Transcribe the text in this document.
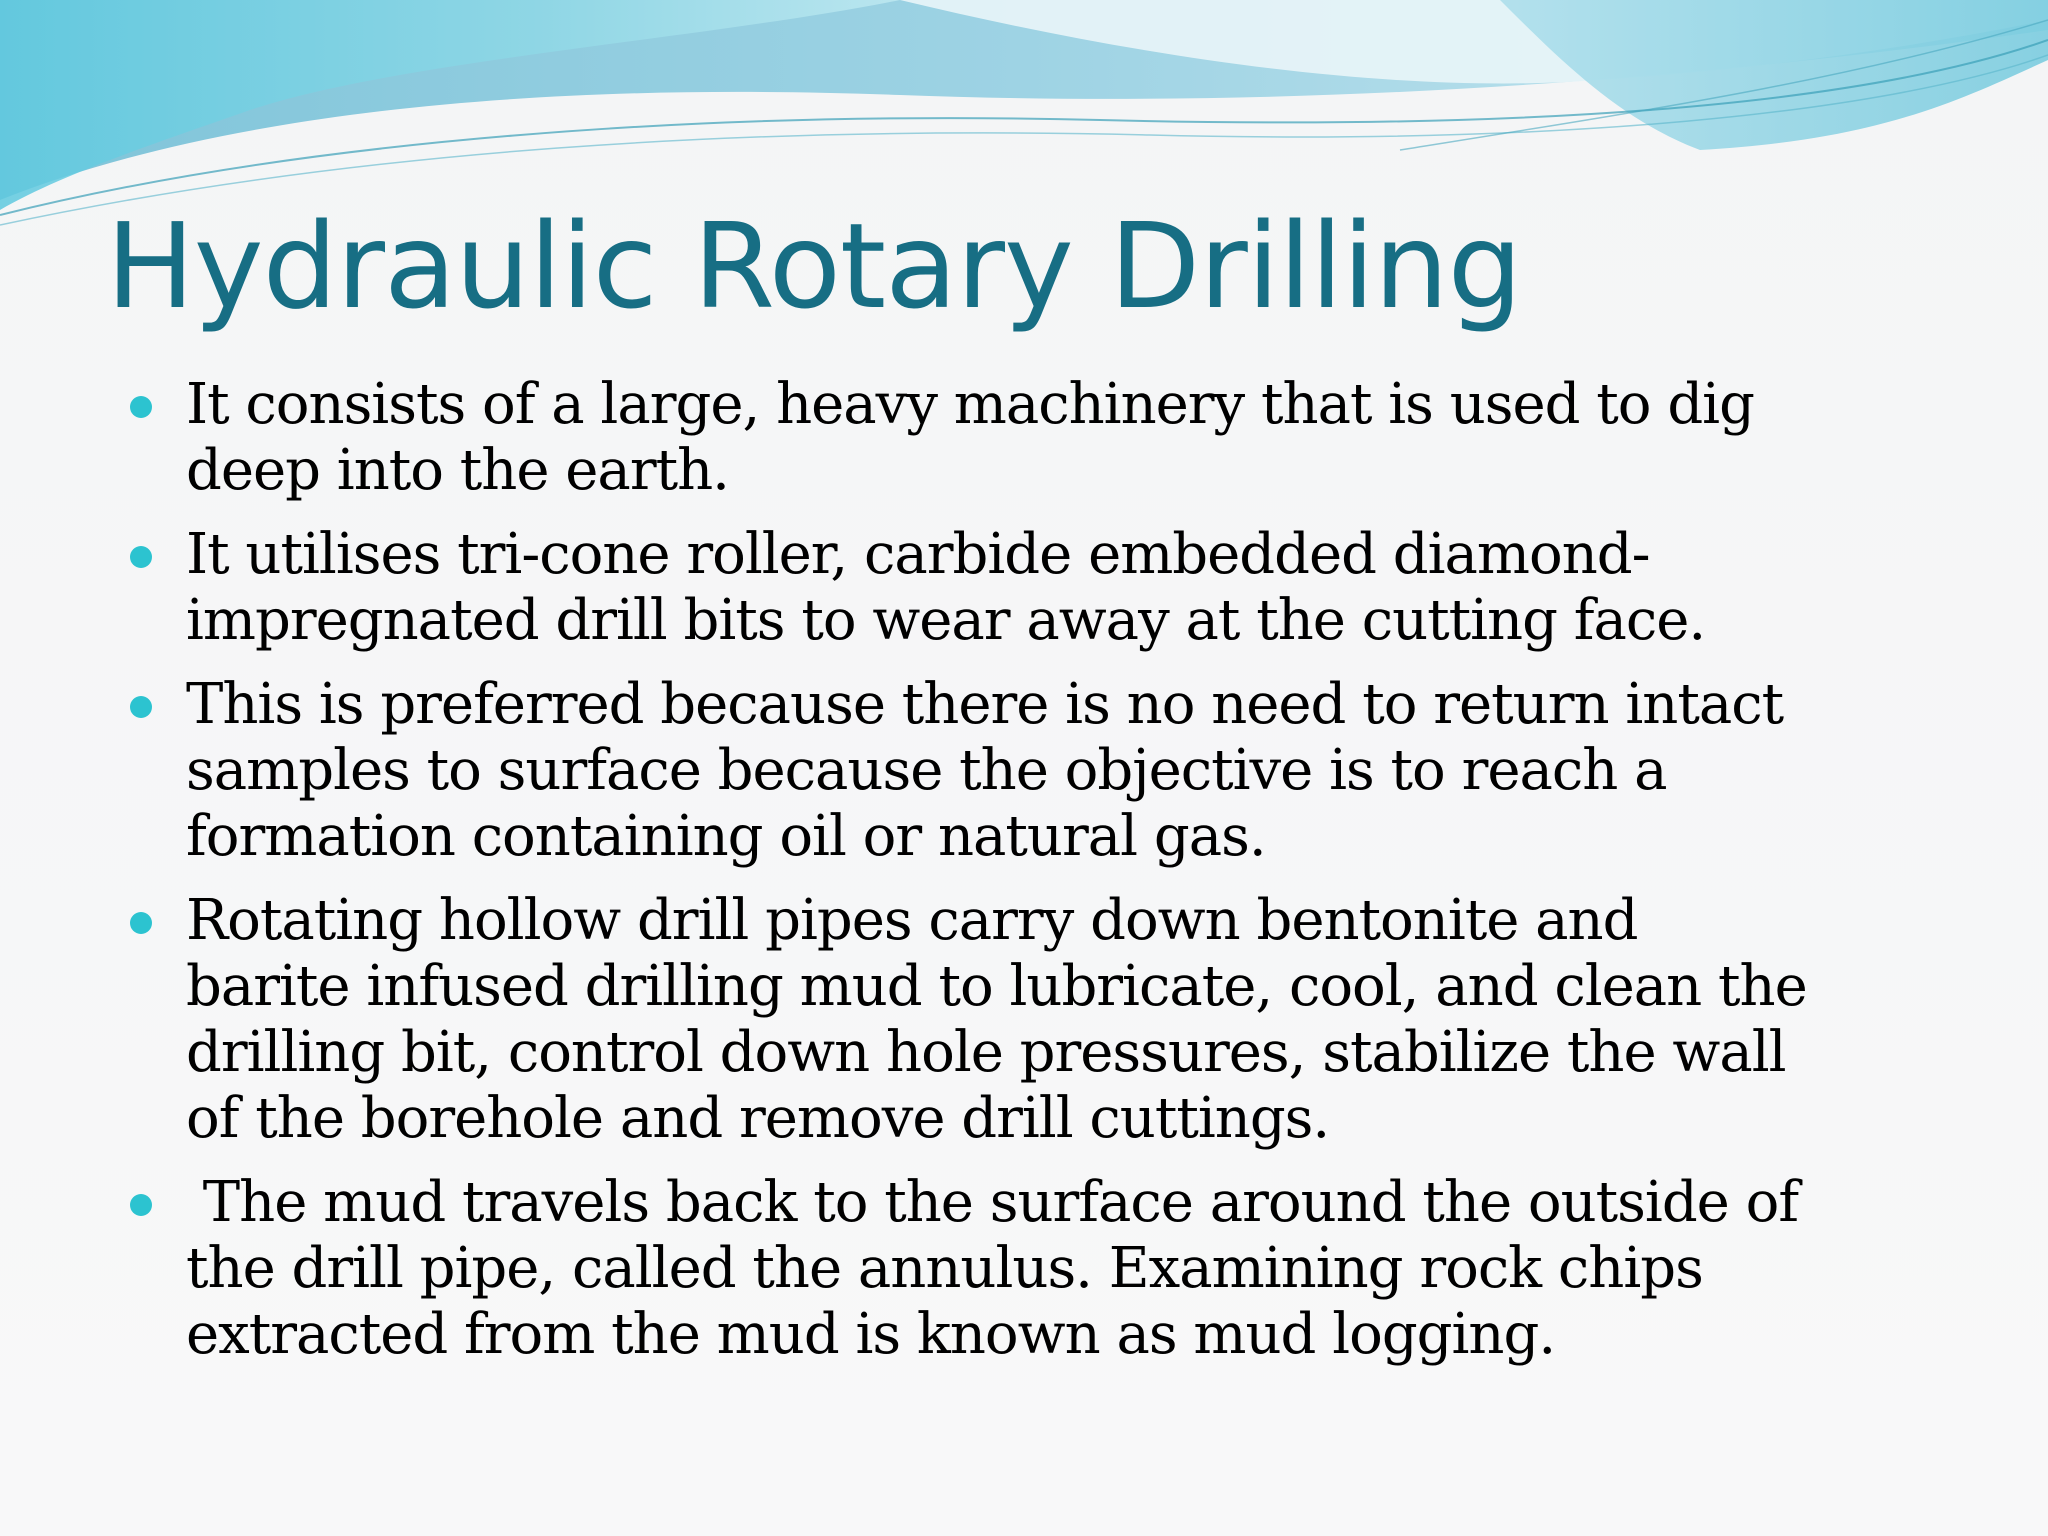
Hydraulic Rotary Drilling
It consists of a large, heavy machinery that is used to dig
deep into the earth.
It utilises tri-cone roller, carbide embedded diamond-
impregnated drill bits to wear away at the cutting face.
This is preferred because there is no need to return intact
samples to surface because the objective is to reach a
formation containing oil or natural gas.
Rotating hollow drill pipes carry down bentonite and
barite infused drilling mud to lubricate, cool, and clean the
drilling bit, control down hole pressures, stabilize the wall
of the borehole and remove drill cuttings.
The mud travels back to the surface around the outside of
the drill pipe, called the annulus. Examining rock chips
extracted from the mud is known as mud logging.
